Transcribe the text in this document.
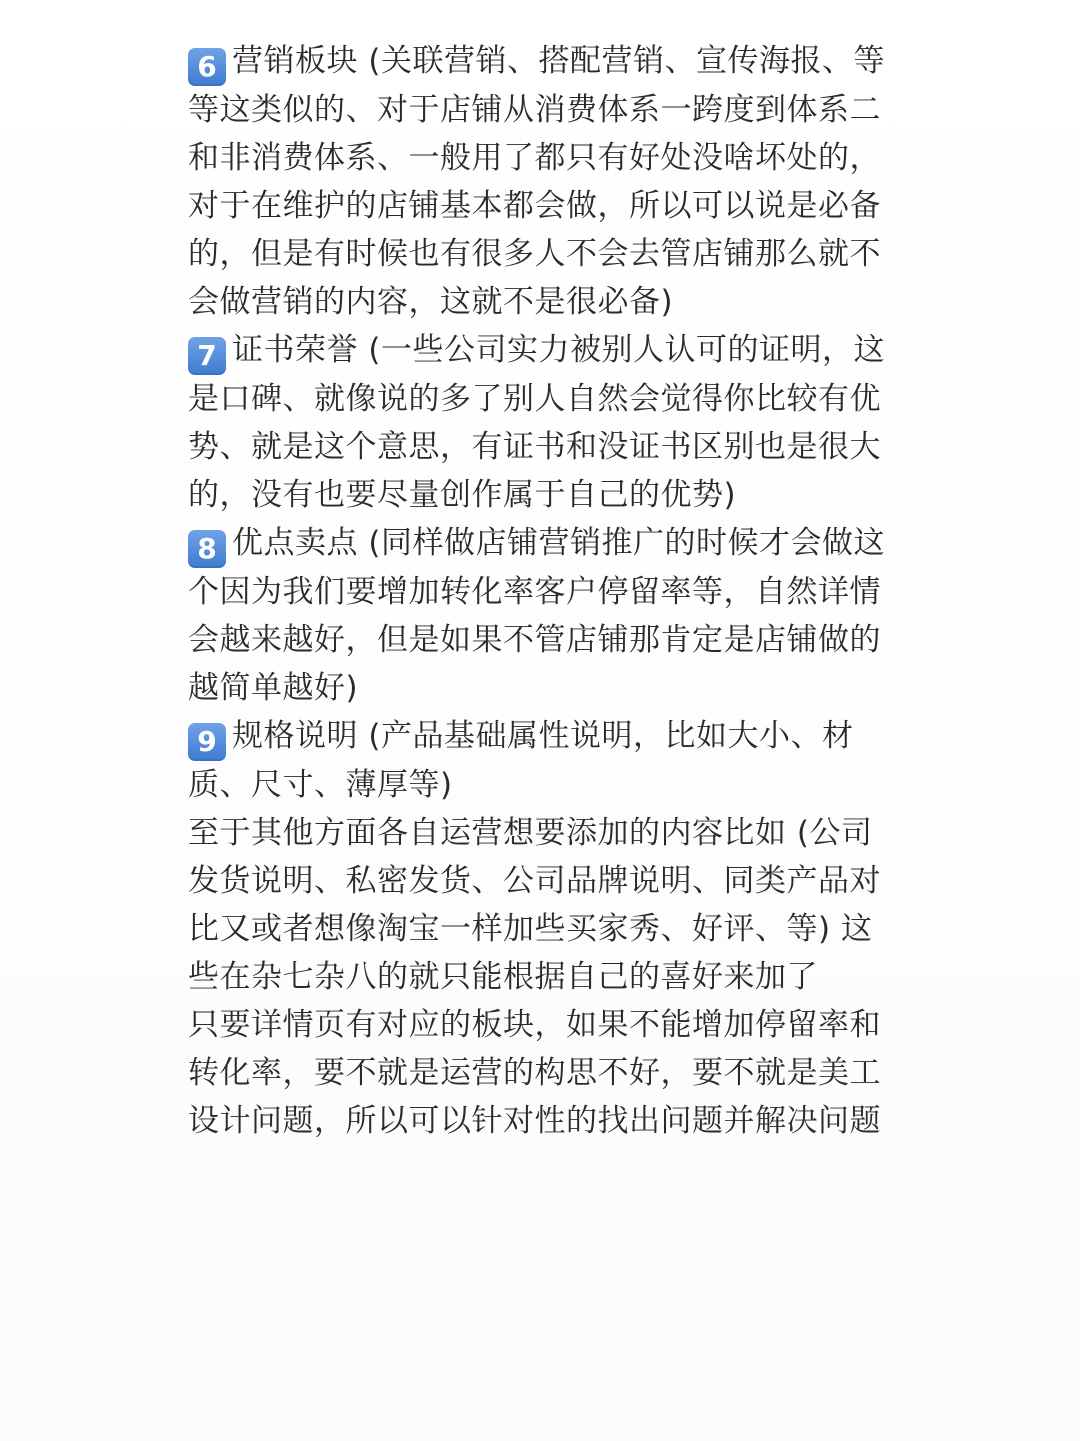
6 营销板块 (关联营销、搭配营销、宣传海报、等等这类似的、对于店铺从消费体系一跨度到体系二和非消费体系、一般用了都只有好处没啥坏处的，对于在维护的店铺基本都会做，所以可以说是必备的，但是有时候也有很多人不会去管店铺那么就不会做营销的内容，这就不是很必备)

7 证书荣誉 (一些公司实力被别人认可的证明，这是口碑、就像说的多了别人自然会觉得你比较有优势、就是这个意思，有证书和没证书区别也是很大的，没有也要尽量创作属于自己的优势)

8 优点卖点 (同样做店铺营销推广的时候才会做这个因为我们要增加转化率客户停留率等，自然详情会越来越好，但是如果不管店铺那肯定是店铺做的越简单越好)

9 规格说明 (产品基础属性说明，比如大小、材质、尺寸、薄厚等)

至于其他方面各自运营想要添加的内容比如 (公司发货说明、私密发货、公司品牌说明、同类产品对比又或者想像淘宝一样加些买家秀、好评、等) 这些在杂七杂八的就只能根据自己的喜好来加了

只要详情页有对应的板块，如果不能增加停留率和转化率，要不就是运营的构思不好，要不就是美工设计问题，所以可以针对性的找出问题并解决问题
